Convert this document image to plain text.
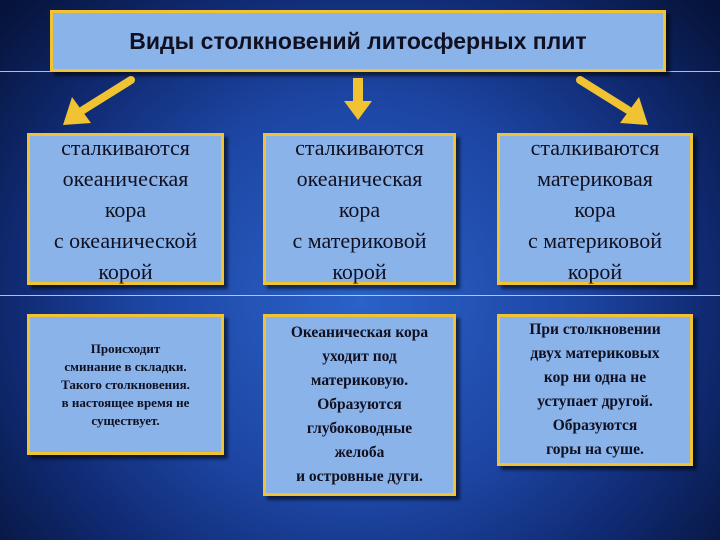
Виды столкновений литосферных плит
сталкиваются
океаническая
кора
с океанической
корой
сталкиваются
океаническая
кора
с материковой
корой
сталкиваются
материковая
кора
с материковой
корой
Происходит
сминание в складки.
Такого столкновения.
в настоящее время не
существует.
Океаническая кора
уходит под
материковую.
Образуются
глубоководные
желоба
и островные дуги.
При столкновении
двух материковых
кор ни одна не
уступает другой.
Образуются
горы на суше.
